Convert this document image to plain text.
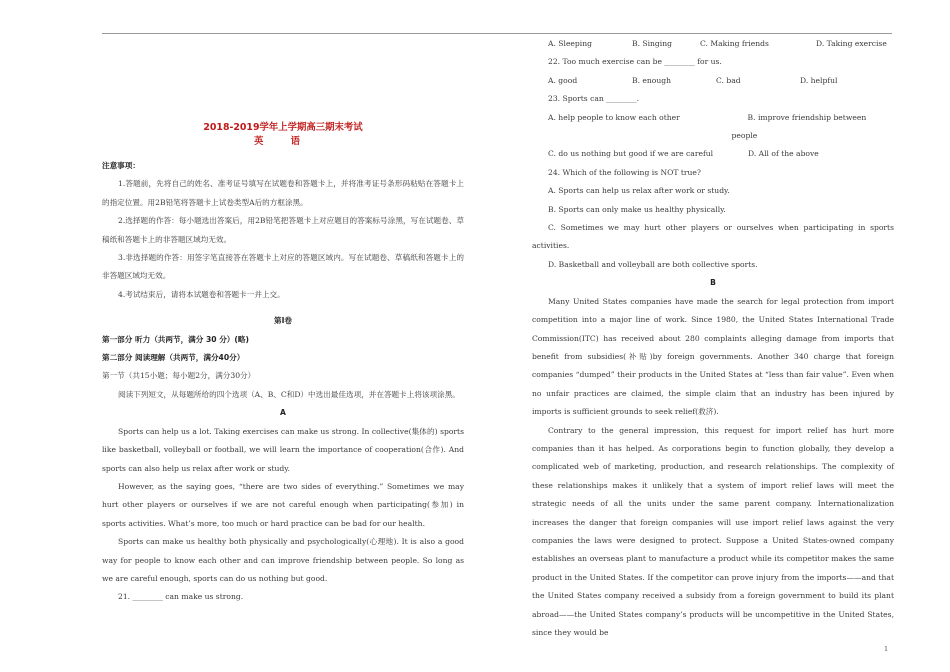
2018-2019学年上学期高三期末考试
英 语

注意事项：

1.答题前，先将自己的姓名、准考证号填写在试题卷和答题卡上，并将准考证号条形码粘贴在答题卡上的指定位置。用2B铅笔将答题卡上试卷类型A后的方框涂黑。

2.选择题的作答：每小题选出答案后，用2B铅笔把答题卡上对应题目的答案标号涂黑，写在试题卷、草稿纸和答题卡上的非答题区域均无效。

3.非选择题的作答：用签字笔直接答在答题卡上对应的答题区域内。写在试题卷、草稿纸和答题卡上的非答题区域均无效。

4.考试结束后，请将本试题卷和答题卡一并上交。

第Ⅰ卷

第一部分 听力（共两节，满分 30 分）(略)

第二部分 阅读理解（共两节，满分40分）

第一节（共15小题；每小题2分，满分30分）

阅读下列短文，从每题所给的四个选项（A、B、C和D）中选出最佳选项，并在答题卡上将该项涂黑。

A

Sports can help us a lot. Taking exercises can make us strong. In collective(集体的) sports like basketball, volleyball or football, we will learn the importance of cooperation(合作). And sports can also help us relax after work or study.

However, as the saying goes, “there are two sides of everything.” Sometimes we may hurt other players or ourselves if we are not careful enough when participating(参加) in sports activities. What’s more, too much or hard practice can be bad for our health.

Sports can make us healthy both physically and psychologically(心理地). It is also a good way for people to know each other and can improve friendship between people. So long as we are careful enough, sports can do us nothing but good.

21. ________ can make us strong.

A. Sleeping	B. Singing	C. Making friends	D. Taking exercise

22. Too much exercise can be ________ for us.

A. good	B. enough	C. bad	D. helpful

23. Sports can ________.

A. help people to know each other	B. improve friendship between people
C. do us nothing but good if we are careful	D. All of the above

24. Which of the following is NOT true?

A. Sports can help us relax after work or study.

B. Sports can only make us healthy physically.

C. Sometimes we may hurt other players or ourselves when participating in sports activities.

D. Basketball and volleyball are both collective sports.

B

Many United States companies have made the search for legal protection from import competition into a major line of work. Since 1980, the United States International Trade Commission(ITC) has received about 280 complaints alleging damage from imports that benefit from subsidies(补贴)by foreign governments. Another 340 charge that foreign companies “dumped” their products in the United States at “less than fair value”. Even when no unfair practices are claimed, the simple claim that an industry has been injured by imports is sufficient grounds to seek relief(救济).

Contrary to the general impression, this request for import relief has hurt more companies than it has helped. As corporations begin to function globally, they develop a complicated web of marketing, production, and research relationships. The complexity of these relationships makes it unlikely that a system of import relief laws will meet the strategic needs of all the units under the same parent company. Internationalization increases the danger that foreign companies will use import relief laws against the very companies the laws were designed to protect. Suppose a United States-owned company establishes an overseas plant to manufacture a product while its competitor makes the same product in the United States. If the competitor can prove injury from the imports——and that the United States company received a subsidy from a foreign government to build its plant abroad——the United States company’s products will be uncompetitive in the United States, since they would be

1
